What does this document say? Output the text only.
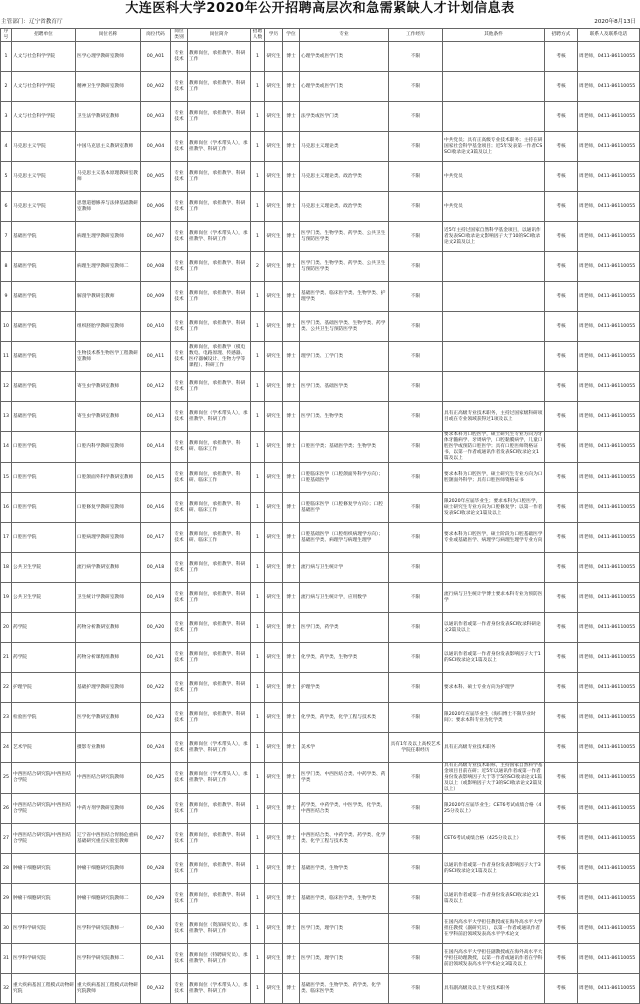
大连医科大学2020年公开招聘高层次和急需紧缺人才计划信息表
主管部门：辽宁省教育厅	2020年8月13日
序号	招聘单位	岗位名称	岗位代码	岗位类别	岗位简介	招聘人数	学历	学位	专业	工作经历	其他条件	招聘方式	联系人及联系电话
1	人文与社会科学学院	医学心理学教研室教师	00_A01	专业技术	教师岗位，承担教学、科研工作	1	研究生	博士	心理学类或医学门类	不限		考核	周老师，0411-86110055
2	人文与社会科学学院	精神卫生学教研室教师	00_A02	专业技术	教师岗位，承担教学、科研工作	1	研究生	博士	心理学类或医学门类	不限		考核	周老师，0411-86110055
3	人文与社会科学学院	卫生法学教研室教师	00_A03	专业技术	教师岗位，承担教学、科研工作	1	研究生	博士	法学类或医学门类	不限		考核	周老师，0411-86110055
4	马克思主义学院	中国马克思主义教研室教师	00_A04	专业技术	教师岗位（学术带头人），承担教学、科研工作	1	研究生	博士	马克思主义理论类	不限	中共党员；具有正高级专业技术职务；主持在研国家社会科学基金项目；近5年发表第一作者CSSCI收录论文3篇及以上	考核	周老师，0411-86110055
5	马克思主义学院	马克思主义基本原理教研室教师	00_A05	专业技术	教师岗位，承担教学、科研工作	1	研究生	博士	马克思主义理论类、政治学类	不限	中共党员	考核	周老师，0411-86110055
6	马克思主义学院	思想道德修养与法律基础教研室教师	00_A06	专业技术	教师岗位，承担教学、科研工作	1	研究生	博士	马克思主义理论类、政治学类	不限	中共党员	考核	周老师，0411-86110055
7	基础医学院	病理生理学教研室教师	00_A07	专业技术	教师岗位（学术带头人），承担教学、科研工作	1	研究生	博士	医学门类、生物学类、药学类、公共卫生与预防医学类	不限	近5年主持过国家自然科学基金项目，以通讯作者发表SCI收录论文影响因子大于10的SCI收录论文2篇及以上	考核	周老师，0411-86110055
8	基础医学院	病理生理学教研室教师二	00_A08	专业技术	教师岗位，承担教学、科研工作	2	研究生	博士	医学门类、生物学类、药学类、公共卫生与预防医学类	不限		考核	周老师，0411-86110055
9	基础医学院	解剖学教研室教师	00_A09	专业技术	教师岗位，承担教学、科研工作	1	研究生	博士	基础医学类、临床医学类、生物学类、护理学类	不限		考核	周老师，0411-86110055
10	基础医学院	组织胚胎学教研室教师	00_A10	专业技术	教师岗位，承担教学、科研工作	1	研究生	博士	医学门类、基础医学类、生物学类、药学类、公共卫生与预防医学类	不限		考核	周老师，0411-86110055
11	基础医学院	生物技术系生物医学工程教研室教师	00_A11	专业技术	教师岗位，承担教学（模电数电、电路原理、传感器、医疗器械设计、生物力学等课程）、科研工作	1	研究生	博士	理学门类、工学门类	不限		考核	周老师，0411-86110055
12	基础医学院	寄生虫学教研室教师	00_A12	专业技术	教师岗位，承担教学、科研工作	1	研究生	博士	医学门类、基础医学类	不限		考核	周老师，0411-86110055
13	基础医学院	寄生虫学教研室教师	00_A13	专业技术	教师岗位（学术带头人），承担教学、科研工作	1	研究生	博士	医学门类、生物学类	不限	具有正高级专业技术职务，主持过国家级科研项目或在专业领域获得过1项及以上	考核	周老师，0411-86110055
14	口腔医学院	口腔内科学教研室教师	00_A14	专业技术	教师岗位，承担教学、科研、临床工作	1	研究生	博士	口腔医学类；基础医学类；生物学类	不限	要求本科为口腔医学，硕士研究生专业方向为牙体牙髓病学、牙周病学，口腔黏膜病学，儿童口腔医学或预防口腔医学；具有口腔医师资格证书，以第一作者或通讯作者发表SCI收录论文1篇及以上	考核	周老师，0411-86110055
15	口腔医学院	口腔颌面外科学教研室教师	00_A15	专业技术	教师岗位，承担教学、科研、临床工作	1	研究生	博士	口腔临床医学（口腔颌面外科学方向）；口腔基础医学	不限	要求本科为口腔医学，硕士研究生专业方向为口腔颌面外科学；具有口腔医师资格证书	考核	周老师，0411-86110055
16	口腔医学院	口腔修复学教研室教师	00_A16	专业技术	教师岗位，承担教学、科研、临床工作	1	研究生	博士	口腔临床医学（口腔修复学方向）；口腔基础医学	不限	限2020年应届毕业生；要求本科为口腔医学，硕士研究生专业方向为口腔修复学；以第一作者发表SCI收录论文1篇及以上	考核	周老师，0411-86110055
17	口腔医学院	口腔病理学教研室教师	00_A17	专业技术	教师岗位，承担教学、科研、临床工作	1	研究生	博士	口腔基础医学（口腔组织病理学方向）；基础医学类、病理学与病理生理学	不限	要求本科为口腔医学，硕士阶段为口腔基础医学专业或基础医学、病理学与病理生理学专业方向	考核	周老师，0411-86110055
18	公共卫生学院	流行病学教研室教师	00_A18	专业技术	教师岗位，承担教学、科研工作	1	研究生	博士	流行病与卫生统计学	不限		考核	周老师，0411-86110055
19	公共卫生学院	卫生统计学教研室教师	00_A19	专业技术	教师岗位，承担教学、科研工作	1	研究生	博士	流行病与卫生统计学，应用数学	不限	流行病与卫生统计学博士要求本科专业为预防医学	考核	周老师，0411-86110055
20	药学院	药物分析教研室教师	00_A20	专业技术	教师岗位，承担教学、科研工作	1	研究生	博士	医学门类，药学类	不限	以通讯作者或第一作者身份发表SCI收录科研论文2篇及以上	考核	周老师，0411-86110055
21	药学院	药物分析课程组教师	00_A21	专业技术	教师岗位，承担教学、科研工作	1	研究生	博士	化学类，药学类，生物学类	不限	以通讯作者或第一作者身份发表影响因子大于1的SCI收录论文1篇及以上	考核	周老师，0411-86110055
22	护理学院	基础护理学教研室教师	00_A22	专业技术	教师岗位，承担教学、科研工作	1	研究生	博士	护理学类	不限	要求本科、硕士专业方向为护理学	考核	周老师，0411-86110055
23	检验医学院	医学化学教研室教师	00_A23	专业技术	教师岗位，承担教学、科研工作	1	研究生	博士	化学类，药学类，化学工程与技术类	不限	限2020年应届毕业生（海归博士不限毕业时间）；要求本科专业为化学类	考核	周老师，0411-86110055
24	艺术学院	摄影专业教师	00_A24	专业技术	教师岗位（学术带头人），承担教学、科研工作	1	研究生	博士	美术学	具有1年及以上高校艺术学院任职经历	具有正高级专业技术职务	考核	周老师，0411-86110055
25	中西医结合研究院/中西医结合学院	中西医结合研究院教师	00_A25	专业技术	教师岗位（学术带头人），承担教学、科研工作	1	研究生	博士	医学门类、中西医结合类、中药学类、药学类	不限	具有正高级专业技术职称，主持国家自然科学基金项目目前在研；近5年以通讯作者或第一作者身份发表影响因子大于等于5的SCI收录论文1篇及以上（或影响因子大于3的SCI收录论文2篇及以上）	考核	周老师，0411-86110055
26	中西医结合研究院/中西医结合学院	中药方剂学教研室教师	00_A26	专业技术	教师岗位，承担教学、科研工作	1	研究生	博士	药学类，中药学类，中医学类，化学类，中西医结合类	不限	限2020年应届毕业生；CET6考试成绩合格（425分及以上）	考核	周老师，0411-86110055
27	中西医结合研究院/中西医结合学院	辽宁省中西医结合胃肠危重病基础研究重点实验室教师	00_A27	专业技术	教师岗位，承担教学、科研工作	1	研究生	博士	中西医结合类、中药学类、药学类、化学类、化学工程与技术类	不限	CET6考试成绩合格（425分及以上）	考核	周老师，0411-86110055
28	肿瘤干细胞研究院	肿瘤干细胞研究院教师	00_A28	专业技术	教师岗位，承担教学、科研工作	1	研究生	博士	基础医学类，生物学类	不限	以通讯作者或第一作者身份发表影响因子大于3的SCI收录论文1篇及以上	考核	周老师，0411-86110055
29	肿瘤干细胞研究院	肿瘤干细胞研究院教师二	00_A29	专业技术	教师岗位，承担教学、科研工作	1	研究生	博士	基础医学类，临床医学类，生物学类	不限	以通讯作者或第一作者身份发表SCI收录论文1篇及以上	考核	周老师，0411-86110055
30	医学科学研究院	医学科学研究院教师一	00_A30	专业技术	教师岗位（资深研究员），承担教学、科研工作	1	研究生	博士	医学门类，理学门类	不限	在国内高水平大学担任教授或在海外高水平大学担任教授（副研究员），以第一作者或通讯作者在学科前沿领域发表高水平学术论文	考核	周老师，0411-86110055
31	医学科学研究院	医学科学研究院教师二	00_A31	专业技术	教师岗位（特聘研究员），承担教学、科研工作	1	研究生	博士	医学门类，理学门类	不限	在国内高水平大学担任副教授或在海外高水平大学担任助理教授，以第一作者或通讯作者在学科前沿领域发表高水平学术论文3篇及以上	考核	周老师，0411-86110055
32	重大疾病基因工程模式动物研究院	重大疾病基因工程模式动物研究院教师	00_A32	专业技术	教师岗位（学术带头人），承担教学、科研工作	1	研究生	博士	基础医学类、生物学类、药学类、化学类、临床医学类	不限	具有副高级及以上专业技术职务	考核	周老师，0411-86110055
